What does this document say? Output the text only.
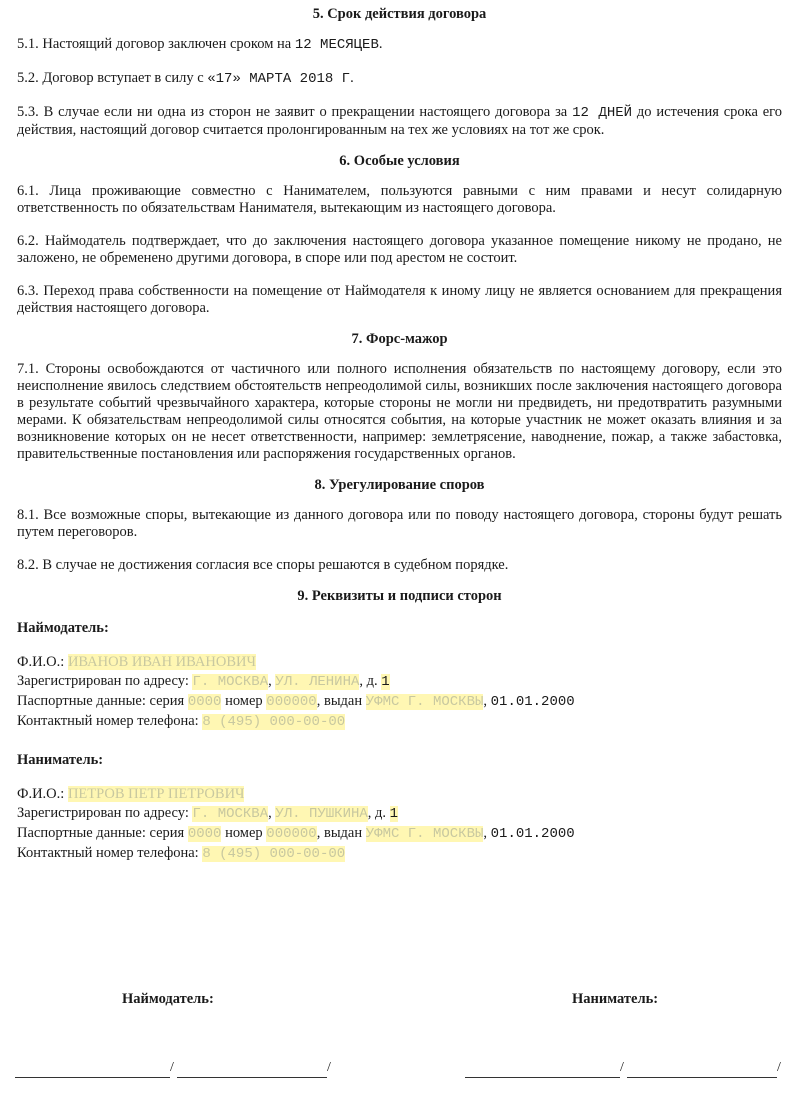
5. Срок действия договора

5.1. Настоящий договор заключен сроком на 12 МЕСЯЦЕВ.

5.2. Договор вступает в силу с «17» МАРТА 2018 Г.

5.3. В случае если ни одна из сторон не заявит о прекращении настоящего договора за 12 ДНЕЙ до истечения срока его действия, настоящий договор считается пролонгированным на тех же условиях на тот же срок.

6. Особые условия

6.1. Лица проживающие совместно с Нанимателем, пользуются равными с ним правами и несут солидарную ответственность по обязательствам Нанимателя, вытекающим из настоящего договора.

6.2. Наймодатель подтверждает, что до заключения настоящего договора указанное помещение никому не продано, не заложено, не обременено другими договора, в споре или под арестом не состоит.

6.3. Переход права собственности на помещение от Наймодателя к иному лицу не является основанием для прекращения действия настоящего договора.

7. Форс-мажор

7.1. Стороны освобождаются от частичного или полного исполнения обязательств по настоящему договору, если это неисполнение явилось следствием обстоятельств непреодолимой силы, возникших после заключения настоящего договора в результате событий чрезвычайного характера, которые стороны не могли ни предвидеть, ни предотвратить разумными мерами. К обязательствам непреодолимой силы относятся события, на которые участник не может оказать влияния и за возникновение которых он не несет ответственности, например: землетрясение, наводнение, пожар, а также забастовка, правительственные постановления или распоряжения государственных органов.

8. Урегулирование споров

8.1. Все возможные споры, вытекающие из данного договора или по поводу настоящего договора, стороны будут решать путем переговоров.

8.2. В случае не достижения согласия все споры решаются в судебном порядке.

9. Реквизиты и подписи сторон
Наймодатель:
Ф.И.О.: ИВАНОВ ИВАН ИВАНОВИЧ
Зарегистрирован по адресу: Г. МОСКВА, УЛ. ЛЕНИНА, д. 1
Паспортные данные: серия 0000 номер 000000, выдан УФМС Г. МОСКВЫ, 01.01.2000
Контактный номер телефона: 8 (495) 000-00-00
Наниматель:
Ф.И.О.: ПЕТРОВ ПЕТР ПЕТРОВИЧ
Зарегистрирован по адресу: Г. МОСКВА, УЛ. ПУШКИНА, д. 1
Паспортные данные: серия 0000 номер 000000, выдан УФМС Г. МОСКВЫ, 01.01.2000
Контактный номер телефона: 8 (495) 000-00-00
Наймодатель:	Наниматель:
/	/	/	/
